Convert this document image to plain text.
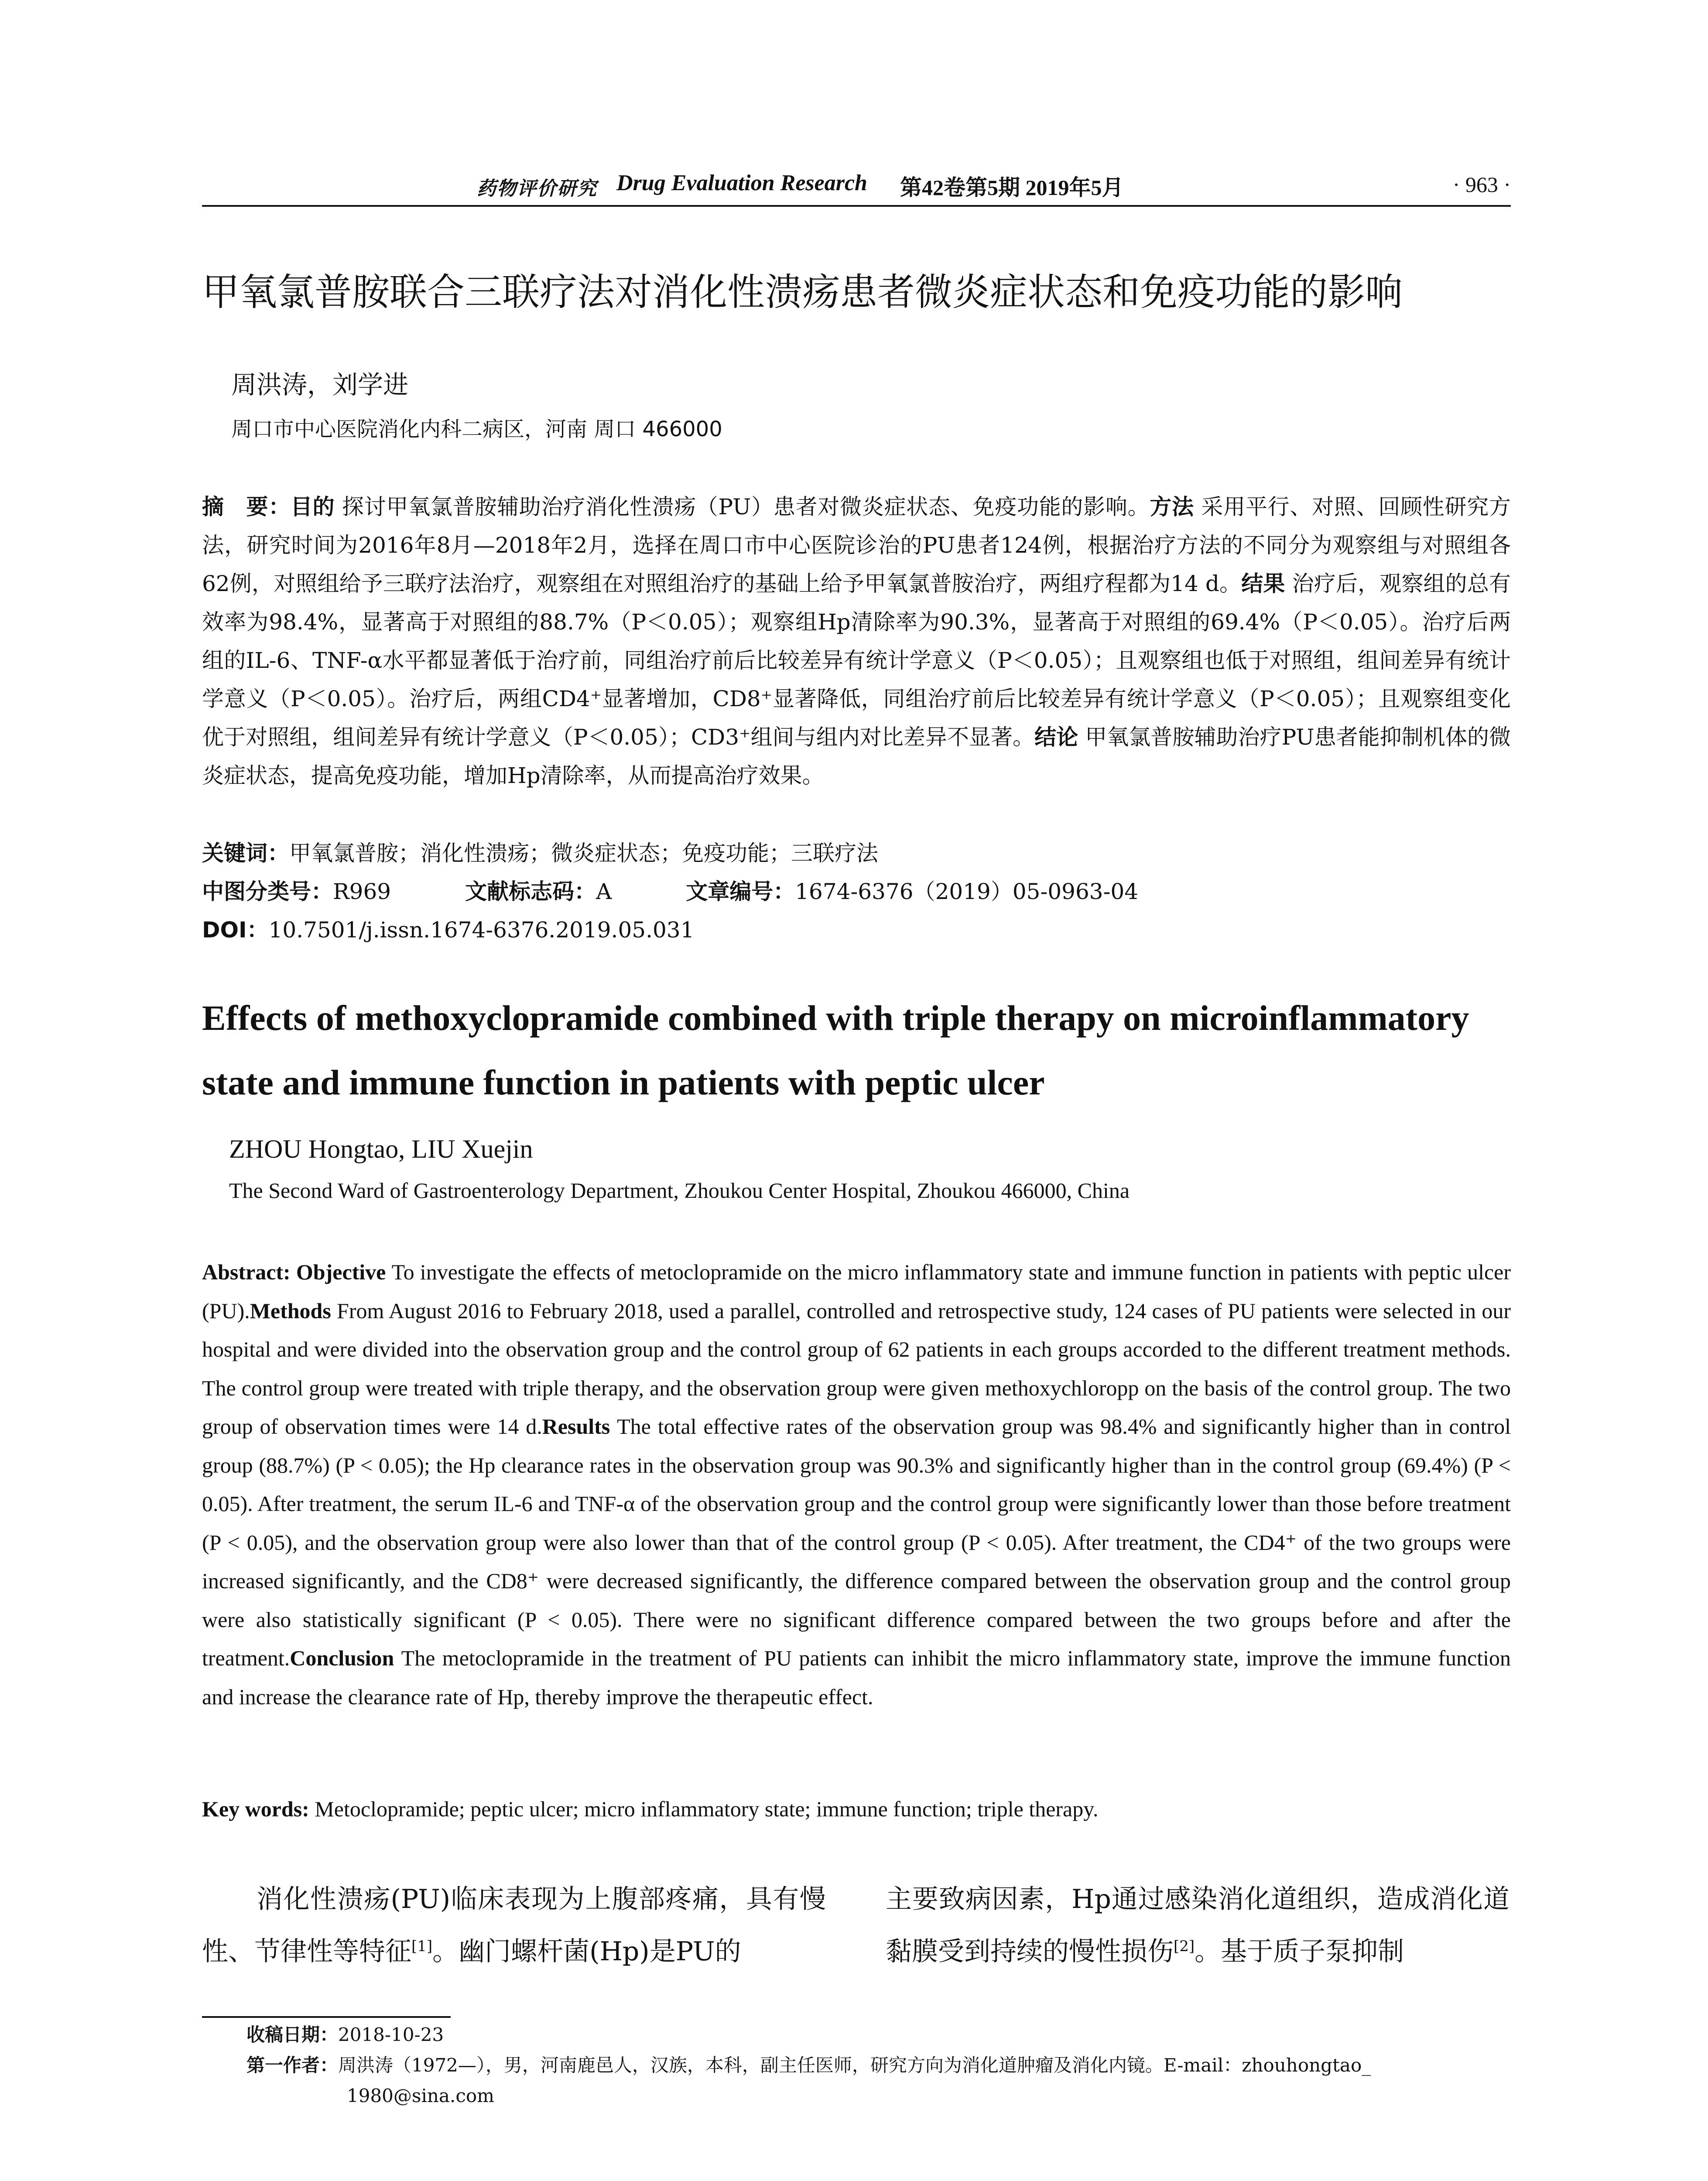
药物评价研究 Drug Evaluation Research 第42卷第5期 2019年5月	· 963 ·
甲氧氯普胺联合三联疗法对消化性溃疡患者微炎症状态和免疫功能的影响
周洪涛，刘学进
周口市中心医院消化内科二病区，河南 周口 466000
摘　要：目的 探讨甲氧氯普胺辅助治疗消化性溃疡（PU）患者对微炎症状态、免疫功能的影响。方法 采用平行、对照、回顾性研究方法，研究时间为2016年8月—2018年2月，选择在周口市中心医院诊治的PU患者124例，根据治疗方法的不同分为观察组与对照组各62例，对照组给予三联疗法治疗，观察组在对照组治疗的基础上给予甲氧氯普胺治疗，两组疗程都为14 d。结果 治疗后，观察组的总有效率为98.4%，显著高于对照组的88.7%（P＜0.05）；观察组Hp清除率为90.3%，显著高于对照组的69.4%（P＜0.05）。治疗后两组的IL-6、TNF-α水平都显著低于治疗前，同组治疗前后比较差异有统计学意义（P＜0.05）；且观察组也低于对照组，组间差异有统计学意义（P＜0.05）。治疗后，两组CD4⁺显著增加，CD8⁺显著降低，同组治疗前后比较差异有统计学意义（P＜0.05）；且观察组变化优于对照组，组间差异有统计学意义（P＜0.05）；CD3⁺组间与组内对比差异不显著。结论 甲氧氯普胺辅助治疗PU患者能抑制机体的微炎症状态，提高免疫功能，增加Hp清除率，从而提高治疗效果。
关键词：甲氧氯普胺；消化性溃疡；微炎症状态；免疫功能；三联疗法
中图分类号：R969	文献标志码：A	文章编号：1674-6376（2019）05-0963-04
DOI：10.7501/j.issn.1674-6376.2019.05.031
Effects of methoxyclopramide combined with triple therapy on microinflammatory state and immune function in patients with peptic ulcer
ZHOU Hongtao, LIU Xuejin
The Second Ward of Gastroenterology Department, Zhoukou Center Hospital, Zhoukou 466000, China
Abstract: Objective To investigate the effects of metoclopramide on the micro inflammatory state and immune function in patients with peptic ulcer (PU).Methods From August 2016 to February 2018, used a parallel, controlled and retrospective study, 124 cases of PU patients were selected in our hospital and were divided into the observation group and the control group of 62 patients in each groups accorded to the different treatment methods. The control group were treated with triple therapy, and the observation group were given methoxychloropp on the basis of the control group. The two group of observation times were 14 d.Results The total effective rates of the observation group was 98.4% and significantly higher than in control group (88.7%) (P < 0.05); the Hp clearance rates in the observation group was 90.3% and significantly higher than in the control group (69.4%) (P < 0.05). After treatment, the serum IL-6 and TNF-α of the observation group and the control group were significantly lower than those before treatment (P < 0.05), and the observation group were also lower than that of the control group (P < 0.05). After treatment, the CD4⁺ of the two groups were increased significantly, and the CD8⁺ were decreased significantly, the difference compared between the observation group and the control group were also statistically significant (P < 0.05). There were no significant difference compared between the two groups before and after the treatment.Conclusion The metoclopramide in the treatment of PU patients can inhibit the micro inflammatory state, improve the immune function and increase the clearance rate of Hp, thereby improve the therapeutic effect.
Key words: Metoclopramide; peptic ulcer; micro inflammatory state; immune function; triple therapy.

消化性溃疡(PU)临床表现为上腹部疼痛，具有慢性、节律性等特征[1]。幽门螺杆菌(Hp)是PU的

主要致病因素，Hp通过感染消化道组织，造成消化道黏膜受到持续的慢性损伤[2]。基于质子泵抑制

收稿日期：2018-10-23
第一作者：周洪涛（1972—），男，河南鹿邑人，汉族，本科，副主任医师，研究方向为消化道肿瘤及消化内镜。E-mail：zhouhongtao_
1980@sina.com
